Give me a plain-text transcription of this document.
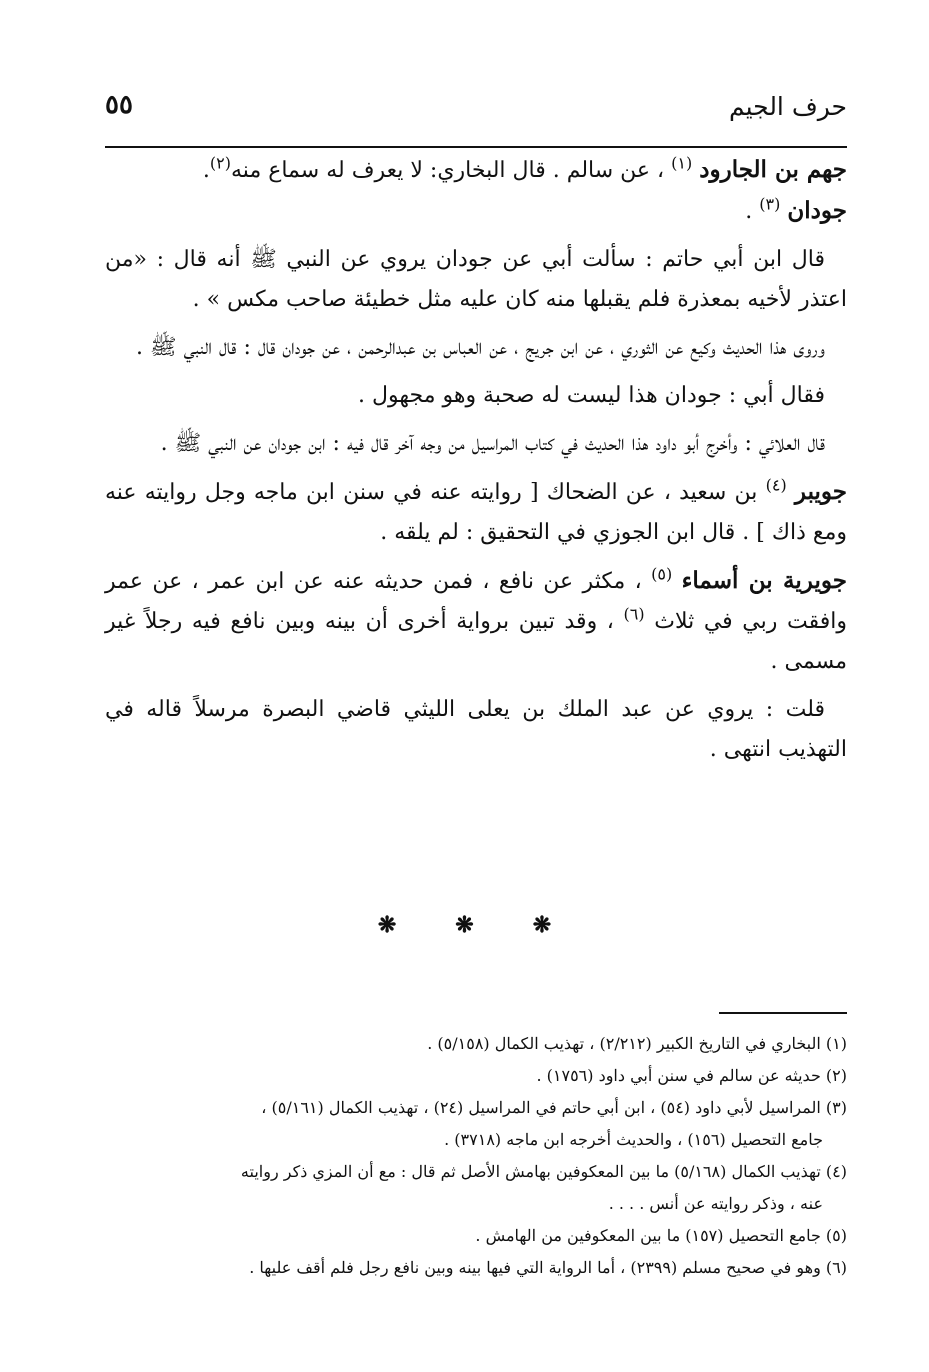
حرف الجيم
٥٥

جهم بن الجارود $^{(١)}$ ، عن سالم . قال البخاري: لا يعرف له سماع منه$^{(٢)}$.

جودان $^{(٣)}$ .

قال ابن أبي حاتم : سألت أبي عن جودان يروي عن النبي ﷺ أنه قال : «من اعتذر لأخيه بمعذرة فلم يقبلها منه كان عليه مثل خطيئة صاحب مكس » .

وروى هذا الحديث وكيع عن الثوري ، عن ابن جريج ، عن العباس بن عبدالرحمن ، عن جودان قال : قال النبي ﷺ .

فقال أبي : جودان هذا ليست له صحبة وهو مجهول .

قال العلائي : وأخرج أبو داود هذا الحديث في كتاب المراسيل من وجه آخر قال فيه : ابن جودان عن النبي ﷺ .

جويبر $^{(٤)}$ بن سعيد ، عن الضحاك [ روايته عنه في سنن ابن ماجه وجل روايته عنه ومع ذاك ] . قال ابن الجوزي في التحقيق : لم يلقه .

جويرية بن أسماء $^{(٥)}$ ، مكثر عن نافع ، فمن حديثه عنه عن ابن عمر ، عن عمر وافقت ربي في ثلاث $^{(٦)}$ ، وقد تبين برواية أخرى أن بينه وبين نافع فيه رجلاً غير مسمى .

قلت : يروي عن عبد الملك بن يعلى الليثي قاضي البصرة مرسلاً قاله في التهذيب انتهى .

❋ ❋ ❋

(١) البخاري في التاريخ الكبير (٢/٢١٢) ، تهذيب الكمال (٥/١٥٨) .

(٢) حديثه عن سالم في سنن أبي داود (١٧٥٦) .

(٣) المراسيل لأبي داود (٥٤) ، ابن أبي حاتم في المراسيل (٢٤) ، تهذيب الكمال (٥/١٦١) ،

جامع التحصيل (١٥٦) ، والحديث أخرجه ابن ماجه (٣٧١٨) .

(٤) تهذيب الكمال (٥/١٦٨) ما بين المعكوفين بهامش الأصل ثم قال : مع أن المزي ذكر روايته

عنه ، وذكر روايته عن أنس . . . .

(٥) جامع التحصيل (١٥٧) ما بين المعكوفين من الهامش .

(٦) وهو في صحيح مسلم (٢٣٩٩) ، أما الرواية التي فيها بينه وبين نافع رجل فلم أقف عليها .
